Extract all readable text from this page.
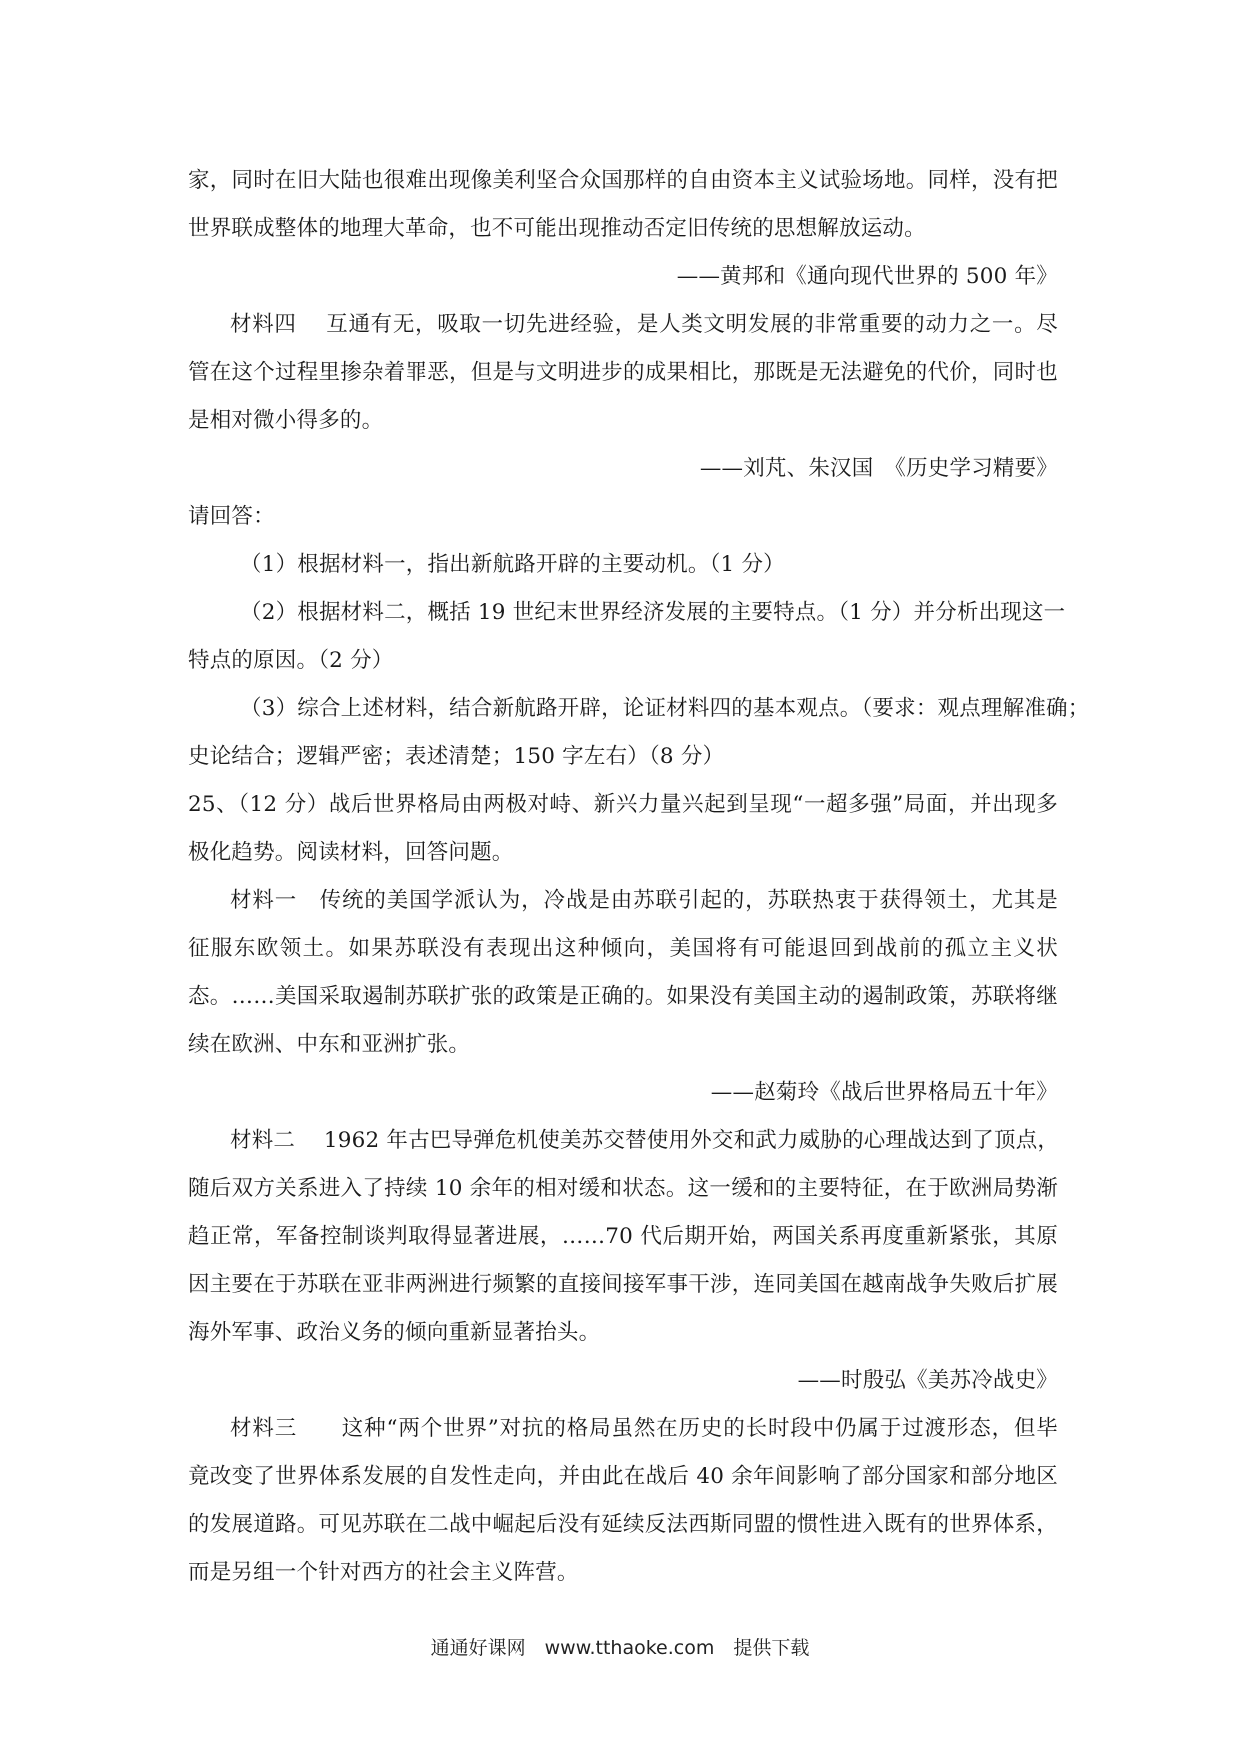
家，同时在旧大陆也很难出现像美利坚合众国那样的自由资本主义试验场地。同样，没有把
世界联成整体的地理大革命，也不可能出现推动否定旧传统的思想解放运动。
——黄邦和《通向现代世界的 500 年》
材料四　 互通有无，吸取一切先进经验，是人类文明发展的非常重要的动力之一。尽
管在这个过程里掺杂着罪恶，但是与文明进步的成果相比，那既是无法避免的代价，同时也
是相对微小得多的。
——刘芃、朱汉国　《历史学习精要》
请回答：
（1）根据材料一，指出新航路开辟的主要动机。（1 分）
（2）根据材料二，概括 19 世纪末世界经济发展的主要特点。（1 分）并分析出现这一
特点的原因。（2 分）
（3）综合上述材料，结合新航路开辟，论证材料四的基本观点。（要求：观点理解准确；
史论结合；逻辑严密；表述清楚；150 字左右）（8 分）
25、（12 分）战后世界格局由两极对峙、新兴力量兴起到呈现“一超多强”局面，并出现多
极化趋势。阅读材料，回答问题。
材料一　传统的美国学派认为，冷战是由苏联引起的，苏联热衷于获得领土，尤其是
征服东欧领土。如果苏联没有表现出这种倾向，美国将有可能退回到战前的孤立主义状
态。……美国采取遏制苏联扩张的政策是正确的。如果没有美国主动的遏制政策，苏联将继
续在欧洲、中东和亚洲扩张。
——赵菊玲《战后世界格局五十年》
材料二　 1962 年古巴导弹危机使美苏交替使用外交和武力威胁的心理战达到了顶点，
随后双方关系进入了持续 10 余年的相对缓和状态。这一缓和的主要特征，在于欧洲局势渐
趋正常，军备控制谈判取得显著进展，……70 代后期开始，两国关系再度重新紧张，其原
因主要在于苏联在亚非两洲进行频繁的直接间接军事干涉，连同美国在越南战争失败后扩展
海外军事、政治义务的倾向重新显著抬头。
——时殷弘《美苏冷战史》
材料三　　这种“两个世界”对抗的格局虽然在历史的长时段中仍属于过渡形态，但毕
竟改变了世界体系发展的自发性走向，并由此在战后 40 余年间影响了部分国家和部分地区
的发展道路。可见苏联在二战中崛起后没有延续反法西斯同盟的惯性进入既有的世界体系，
而是另组一个针对西方的社会主义阵营。
通通好课网　www.tthaoke.com　提供下载
